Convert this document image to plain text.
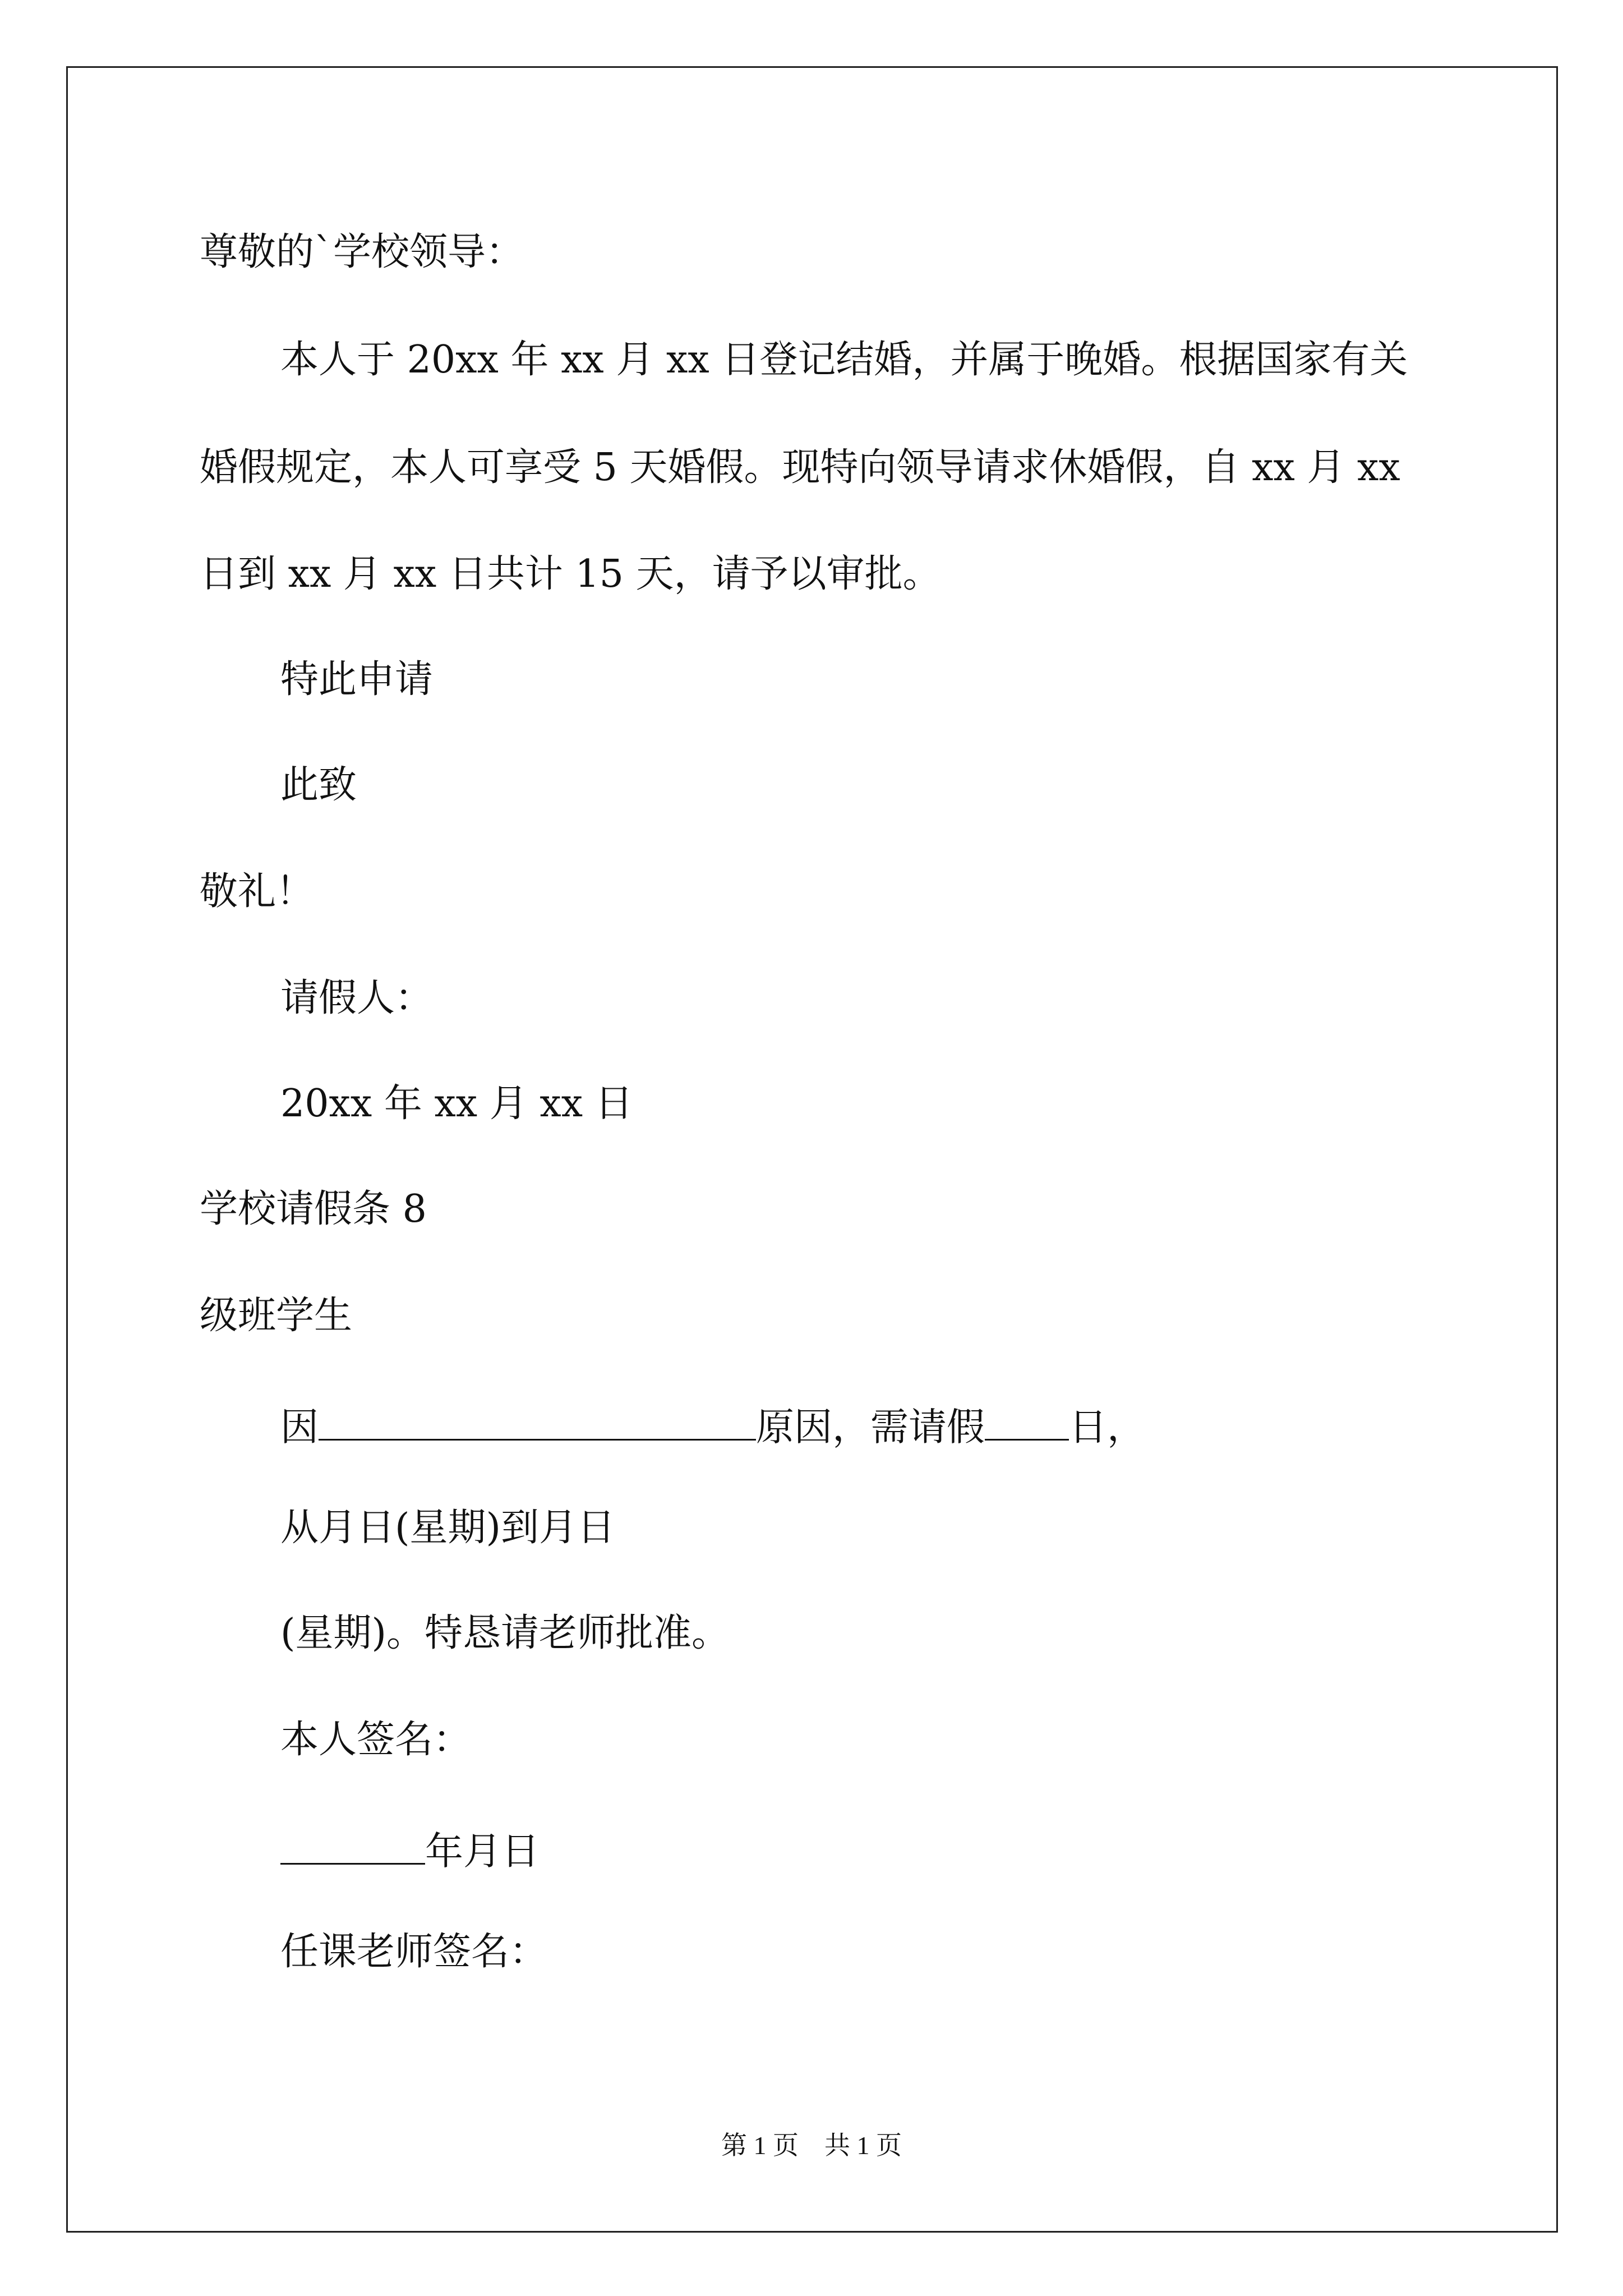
尊敬的`学校领导：
本人于 20xx 年 xx 月 xx 日登记结婚，并属于晚婚。根据国家有关
婚假规定，本人可享受 5 天婚假。现特向领导请求休婚假，自 xx 月 xx
日到 xx 月 xx 日共计 15 天，请予以审批。
特此申请
此致
敬礼！
请假人：
20xx 年 xx 月 xx 日
学校请假条 8
级班学生
因	原因，需请假 日，
从月日(星期)到月日
(星期)。特恳请老师批准。
本人签名：
年月日
任课老师签名：
第 1 页　共 1 页
